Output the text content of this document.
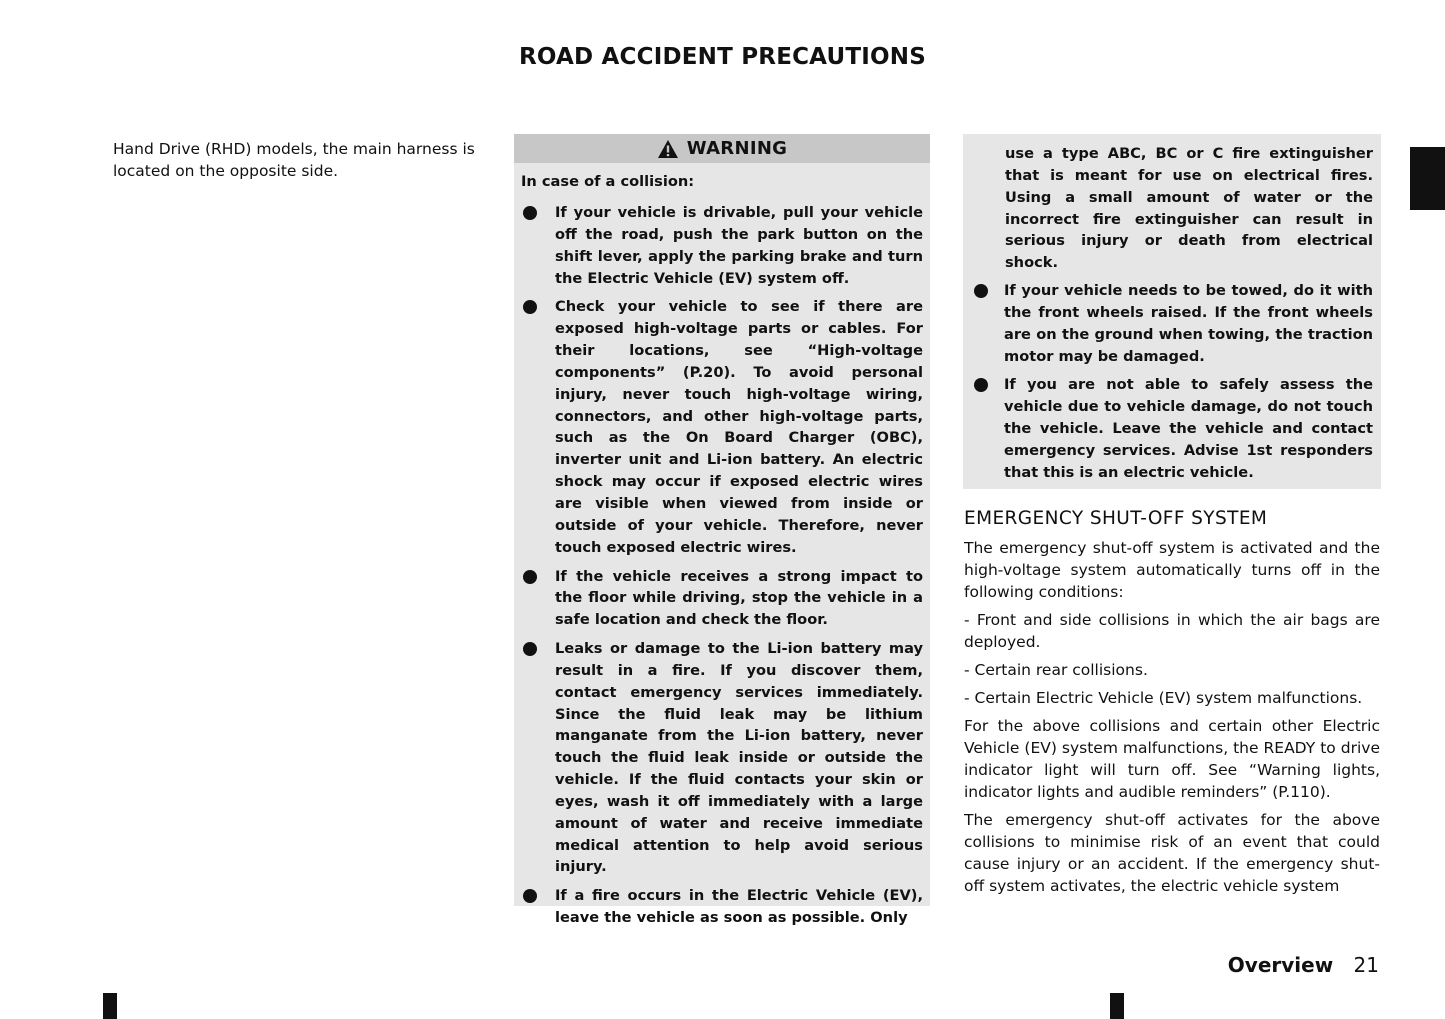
ROAD ACCIDENT PRECAUTIONS

Hand Drive (RHD) models, the main harness is located on the opposite side.

WARNING

In case of a collision:

If your vehicle is drivable, pull your vehicle off the road, push the park button on the shift lever, apply the parking brake and turn the Electric Vehicle (EV) system off.
Check your vehicle to see if there are exposed high-voltage parts or cables. For their locations, see “High-voltage components” (P.20). To avoid personal injury, never touch high-voltage wiring, connectors, and other high-voltage parts, such as the On Board Charger (OBC), inverter unit and Li-ion battery. An electric shock may occur if exposed electric wires are visible when viewed from inside or outside of your vehicle. Therefore, never touch exposed electric wires.
If the vehicle receives a strong impact to the floor while driving, stop the vehicle in a safe location and check the floor.
Leaks or damage to the Li-ion battery may result in a fire. If you discover them, contact emergency services immediately. Since the fluid leak may be lithium manganate from the Li-ion battery, never touch the fluid leak inside or outside the vehicle. If the fluid contacts your skin or eyes, wash it off immediately with a large amount of water and receive immediate medical attention to help avoid serious injury.
If a fire occurs in the Electric Vehicle (EV), leave the vehicle as soon as possible. Only

use a type ABC, BC or C fire extinguisher that is meant for use on electrical fires. Using a small amount of water or the incorrect fire extinguisher can result in serious injury or death from electrical shock.

If your vehicle needs to be towed, do it with the front wheels raised. If the front wheels are on the ground when towing, the traction motor may be damaged.
If you are not able to safely assess the vehicle due to vehicle damage, do not touch the vehicle. Leave the vehicle and contact emergency services. Advise 1st responders that this is an electric vehicle.
EMERGENCY SHUT-OFF SYSTEM

The emergency shut-off system is activated and the high-voltage system automatically turns off in the following conditions:

- Front and side collisions in which the air bags are deployed.

- Certain rear collisions.

- Certain Electric Vehicle (EV) system malfunctions.

For the above collisions and certain other Electric Vehicle (EV) system malfunctions, the READY to drive indicator light will turn off. See “Warning lights, indicator lights and audible reminders” (P.110).

The emergency shut-off activates for the above collisions to minimise risk of an event that could cause injury or an accident. If the emergency shut-off system activates, the electric vehicle system

Overview 21
